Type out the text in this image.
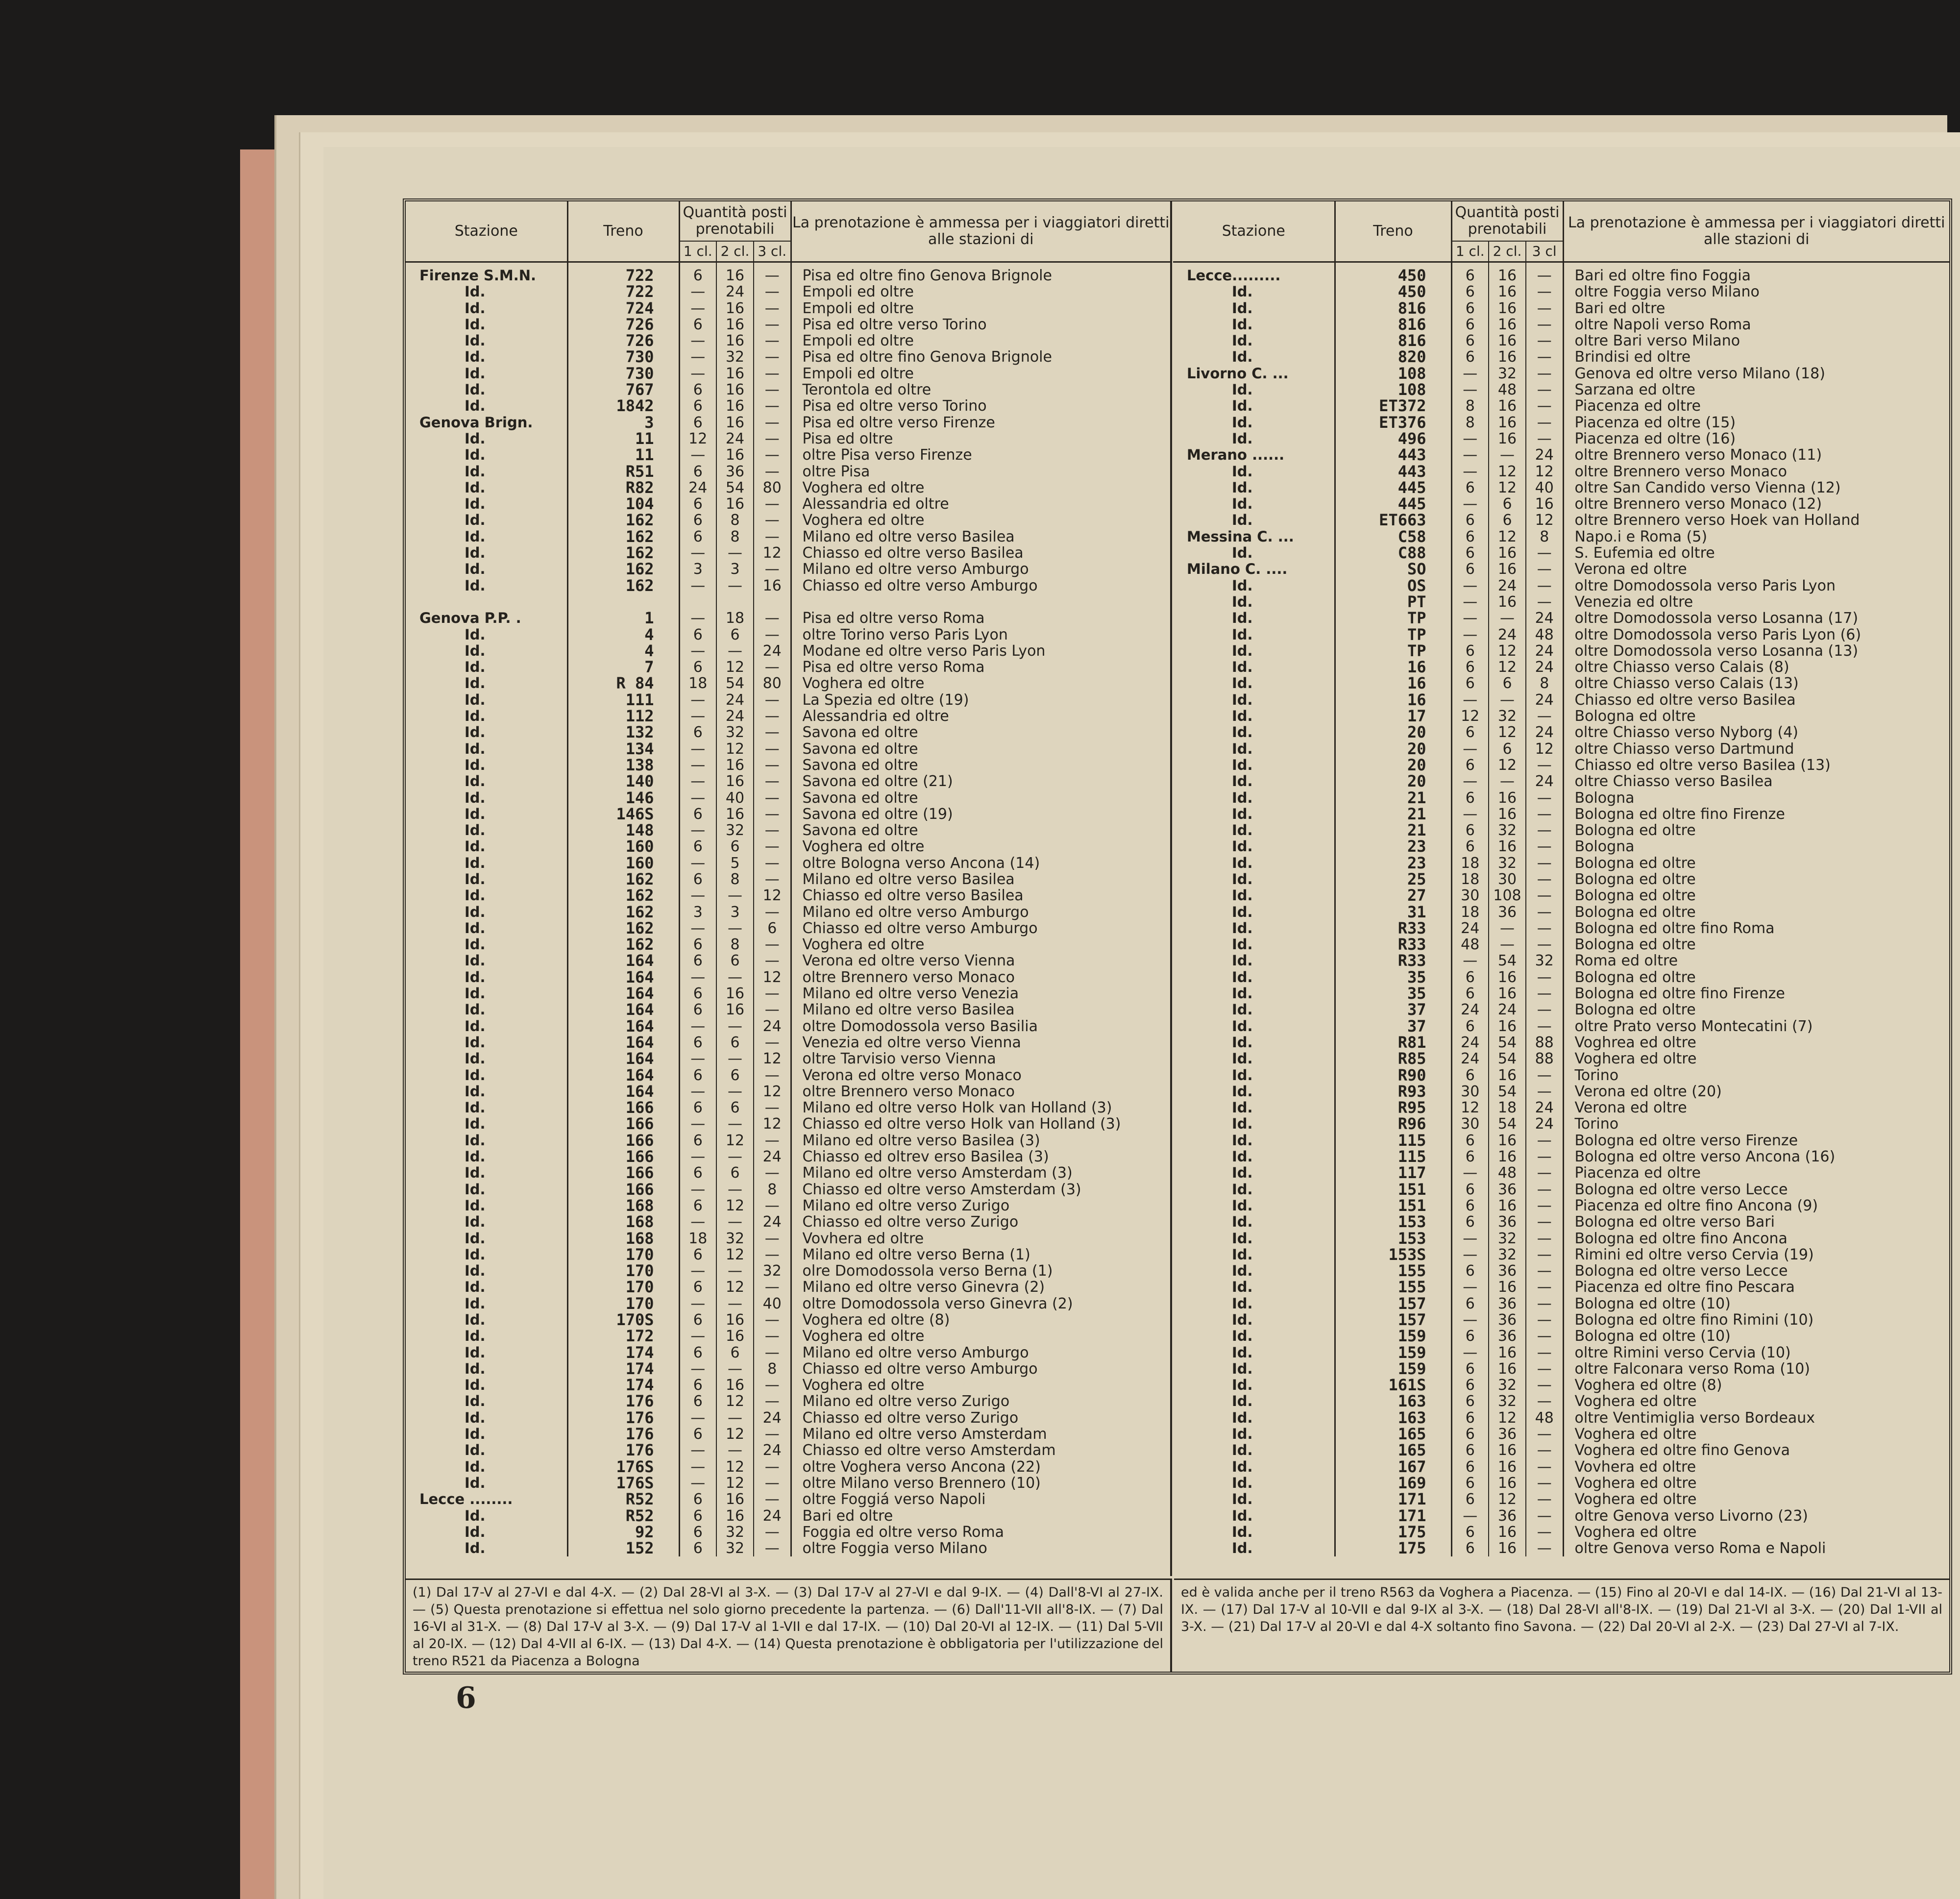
Stazione	Treno	Quantità posti prenotabili			La prenotazione è ammessa per i viaggiatori diretti alle stazioni di
		1 cl.	2 cl.	3 cl.	
Firenze S.M.N.	722	6	16	—	Pisa ed oltre fino Genova Brignole
Id.	722	—	24	—	Empoli ed oltre
Id.	724	—	16	—	Empoli ed oltre
Id.	726	6	16	—	Pisa ed oltre verso Torino
Id.	726	—	16	—	Empoli ed oltre
Id.	730	—	32	—	Pisa ed oltre fino Genova Brignole
Id.	730	—	16	—	Empoli ed oltre
Id.	767	6	16	—	Terontola ed oltre
Id.	1842	6	16	—	Pisa ed oltre verso Torino
Genova Brign.	3	6	16	—	Pisa ed oltre verso Firenze
Id.	11	12	24	—	Pisa ed oltre
Id.	11	—	16	—	oltre Pisa verso Firenze
Id.	R51	6	36	—	oltre Pisa
Id.	R82	24	54	80	Voghera ed oltre
Id.	104	6	16	—	Alessandria ed oltre
Id.	162	6	8	—	Voghera ed oltre
Id.	162	6	8	—	Milano ed oltre verso Basilea
Id.	162	—	—	12	Chiasso ed oltre verso Basilea
Id.	162	3	3	—	Milano ed oltre verso Amburgo
Id.	162	—	—	16	Chiasso ed oltre verso Amburgo

Genova P.P. .	1	—	18	—	Pisa ed oltre verso Roma
Id.	4	6	6	—	oltre Torino verso Paris Lyon
Id.	4	—	—	24	Modane ed oltre verso Paris Lyon
Id.	7	6	12	—	Pisa ed oltre verso Roma
Id.	R 84	18	54	80	Voghera ed oltre
Id.	111	—	24	—	La Spezia ed oltre (19)
Id.	112	—	24	—	Alessandria ed oltre
Id.	132	6	32	—	Savona ed oltre
Id.	134	—	12	—	Savona ed oltre
Id.	138	—	16	—	Savona ed oltre
Id.	140	—	16	—	Savona ed oltre (21)
Id.	146	—	40	—	Savona ed oltre
Id.	146S	6	16	—	Savona ed oltre (19)
Id.	148	—	32	—	Savona ed oltre
Id.	160	6	6	—	Voghera ed oltre
Id.	160	—	5	—	oltre Bologna verso Ancona (14)
Id.	162	6	8	—	Milano ed oltre verso Basilea
Id.	162	—	—	12	Chiasso ed oltre verso Basilea
Id.	162	3	3	—	Milano ed oltre verso Amburgo
Id.	162	—	—	6	Chiasso ed oltre verso Amburgo
Id.	162	6	8	—	Voghera ed oltre
Id.	164	6	6	—	Verona ed oltre verso Vienna
Id.	164	—	—	12	oltre Brennero verso Monaco
Id.	164	6	16	—	Milano ed oltre verso Venezia
Id.	164	6	16	—	Milano ed oltre verso Basilea
Id.	164	—	—	24	oltre Domodossola verso Basilia
Id.	164	6	6	—	Venezia ed oltre verso Vienna
Id.	164	—	—	12	oltre Tarvisio verso Vienna
Id.	164	6	6	—	Verona ed oltre verso Monaco
Id.	164	—	—	12	oltre Brennero verso Monaco
Id.	166	6	6	—	Milano ed oltre verso Holk van Holland (3)
Id.	166	—	—	12	Chiasso ed oltre verso Holk van Holland (3)
Id.	166	6	12	—	Milano ed oltre verso Basilea (3)
Id.	166	—	—	24	Chiasso ed oltrev erso Basilea (3)
Id.	166	6	6	—	Milano ed oltre verso Amsterdam (3)
Id.	166	—	—	8	Chiasso ed oltre verso Amsterdam (3)
Id.	168	6	12	—	Milano ed oltre verso Zurigo
Id.	168	—	—	24	Chiasso ed oltre verso Zurigo
Id.	168	18	32	—	Vovhera ed oltre
Id.	170	6	12	—	Milano ed oltre verso Berna (1)
Id.	170	—	—	32	olre Domodossola verso Berna (1)
Id.	170	6	12	—	Milano ed oltre verso Ginevra (2)
Id.	170	—	—	40	oltre Domodossola verso Ginevra (2)
Id.	170S	6	16	—	Voghera ed oltre (8)
Id.	172	—	16	—	Voghera ed oltre
Id.	174	6	6	—	Milano ed oltre verso Amburgo
Id.	174	—	—	8	Chiasso ed oltre verso Amburgo
Id.	174	6	16	—	Voghera ed oltre
Id.	176	6	12	—	Milano ed oltre verso Zurigo
Id.	176	—	—	24	Chiasso ed oltre verso Zurigo
Id.	176	6	12	—	Milano ed oltre verso Amsterdam
Id.	176	—	—	24	Chiasso ed oltre verso Amsterdam
Id.	176S	—	12	—	oltre Voghera verso Ancona (22)
Id.	176S	—	12	—	oltre Milano verso Brennero (10)
Lecce ........	R52	6	16	—	oltre Foggiá verso Napoli
Id.	R52	6	16	24	Bari ed oltre
Id.	92	6	32	—	Foggia ed oltre verso Roma
Id.	152	6	32	—	oltre Foggia verso Milano
Stazione	Treno	Quantità posti prenotabili			La prenotazione è ammessa per i viaggiatori diretti alle stazioni di
		1 cl.	2 cl.	3 cl	
Lecce.........	450	6	16	—	Bari ed oltre fino Foggia
Id.	450	6	16	—	oltre Foggia verso Milano
Id.	816	6	16	—	Bari ed oltre
Id.	816	6	16	—	oltre Napoli verso Roma
Id.	816	6	16	—	oltre Bari verso Milano
Id.	820	6	16	—	Brindisi ed oltre
Livorno C. ...	108	—	32	—	Genova ed oltre verso Milano (18)
Id.	108	—	48	—	Sarzana ed oltre
Id.	ET372	8	16	—	Piacenza ed oltre
Id.	ET376	8	16	—	Piacenza ed oltre (15)
Id.	496	—	16	—	Piacenza ed oltre (16)
Merano ......	443	—	—	24	oltre Brennero verso Monaco (11)
Id.	443	—	12	12	oltre Brennero verso Monaco
Id.	445	6	12	40	oltre San Candido verso Vienna (12)
Id.	445	—	6	16	oltre Brennero verso Monaco (12)
Id.	ET663	6	6	12	oltre Brennero verso Hoek van Holland
Messina C. ...	C58	6	12	8	Napo.i e Roma (5)
Id.	C88	6	16	—	S. Eufemia ed oltre
Milano C. ....	SO	6	16	—	Verona ed oltre
Id.	OS	—	24	—	oltre Domodossola verso Paris Lyon
Id.	PT	—	16	—	Venezia ed oltre
Id.	TP	—	—	24	oltre Domodossola verso Losanna (17)
Id.	TP	—	24	48	oltre Domodossola verso Paris Lyon (6)
Id.	TP	6	12	24	oltre Domodossola verso Losanna (13)
Id.	16	6	12	24	oltre Chiasso verso Calais (8)
Id.	16	6	6	8	oltre Chiasso verso Calais (13)
Id.	16	—	—	24	Chiasso ed oltre verso Basilea
Id.	17	12	32	—	Bologna ed oltre
Id.	20	6	12	24	oltre Chiasso verso Nyborg (4)
Id.	20	—	6	12	oltre Chiasso verso Dartmund
Id.	20	6	12	—	Chiasso ed oltre verso Basilea (13)
Id.	20	—	—	24	oltre Chiasso verso Basilea
Id.	21	6	16	—	Bologna
Id.	21	—	16	—	Bologna ed oltre fino Firenze
Id.	21	6	32	—	Bologna ed oltre
Id.	23	6	16	—	Bologna
Id.	23	18	32	—	Bologna ed oltre
Id.	25	18	30	—	Bologna ed oltre
Id.	27	30	108	—	Bologna ed oltre
Id.	31	18	36	—	Bologna ed oltre
Id.	R33	24	—	—	Bologna ed oltre fino Roma
Id.	R33	48	—	—	Bologna ed oltre
Id.	R33	—	54	32	Roma ed oltre
Id.	35	6	16	—	Bologna ed oltre
Id.	35	6	16	—	Bologna ed oltre fino Firenze
Id.	37	24	24	—	Bologna ed oltre
Id.	37	6	16	—	oltre Prato verso Montecatini (7)
Id.	R81	24	54	88	Voghrea ed oltre
Id.	R85	24	54	88	Voghera ed oltre
Id.	R90	6	16	—	Torino
Id.	R93	30	54	—	Verona ed oltre (20)
Id.	R95	12	18	24	Verona ed oltre
Id.	R96	30	54	24	Torino
Id.	115	6	16	—	Bologna ed oltre verso Firenze
Id.	115	6	16	—	Bologna ed oltre verso Ancona (16)
Id.	117	—	48	—	Piacenza ed oltre
Id.	151	6	36	—	Bologna ed oltre verso Lecce
Id.	151	6	16	—	Piacenza ed oltre fino Ancona (9)
Id.	153	6	36	—	Bologna ed oltre verso Bari
Id.	153	—	32	—	Bologna ed oltre fino Ancona
Id.	153S	—	32	—	Rimini ed oltre verso Cervia (19)
Id.	155	6	36	—	Bologna ed oltre verso Lecce
Id.	155	—	16	—	Piacenza ed oltre fino Pescara
Id.	157	6	36	—	Bologna ed oltre (10)
Id.	157	—	36	—	Bologna ed oltre fino Rimini (10)
Id.	159	6	36	—	Bologna ed oltre (10)
Id.	159	—	16	—	oltre Rimini verso Cervia (10)
Id.	159	6	16	—	oltre Falconara verso Roma (10)
Id.	161S	6	32	—	Voghera ed oltre (8)
Id.	163	6	32	—	Voghera ed oltre
Id.	163	6	12	48	oltre Ventimiglia verso Bordeaux
Id.	165	6	36	—	Voghera ed oltre
Id.	165	6	16	—	Voghera ed oltre fino Genova
Id.	167	6	16	—	Vovhera ed oltre
Id.	169	6	16	—	Voghera ed oltre
Id.	171	6	12	—	Voghera ed oltre
Id.	171	—	36	—	oltre Genova verso Livorno (23)
Id.	175	6	16	—	Voghera ed oltre
Id.	175	6	16	—	oltre Genova verso Roma e Napoli
(1) Dal 17-V al 27-VI e dal 4-X. — (2) Dal 28-VI al 3-X. — (3) Dal 17-V al 27-VI e dal 9-IX. — (4) Dall'8-VI al 27-IX. — (5) Questa prenotazione si effettua nel solo giorno precedente la partenza. — (6) Dall'11-VII all'8-IX. — (7) Dal 16-VI al 31-X. — (8) Dal 17-V al 3-X. — (9) Dal 17-V al 1-VII e dal 17-IX. — (10) Dal 20-VI al 12-IX. — (11) Dal 5-VII al 20-IX. — (12) Dal 4-VII al 6-IX. — (13) Dal 4-X. — (14) Questa prenotazione è obbligatoria per l'utilizzazione del treno R521 da Piacenza a Bologna
ed è valida anche per il treno R563 da Voghera a Piacenza. — (15) Fino al 20-VI e dal 14-IX. — (16) Dal 21-VI al 13-IX. — (17) Dal 17-V al 10-VII e dal 9-IX al 3-X. — (18) Dal 28-VI all'8-IX. — (19) Dal 21-VI al 3-X. — (20) Dal 1-VII al 3-X. — (21) Dal 17-V al 20-VI e dal 4-X soltanto fino Savona. — (22) Dal 20-VI al 2-X. — (23) Dal 27-VI al 7-IX.
6
